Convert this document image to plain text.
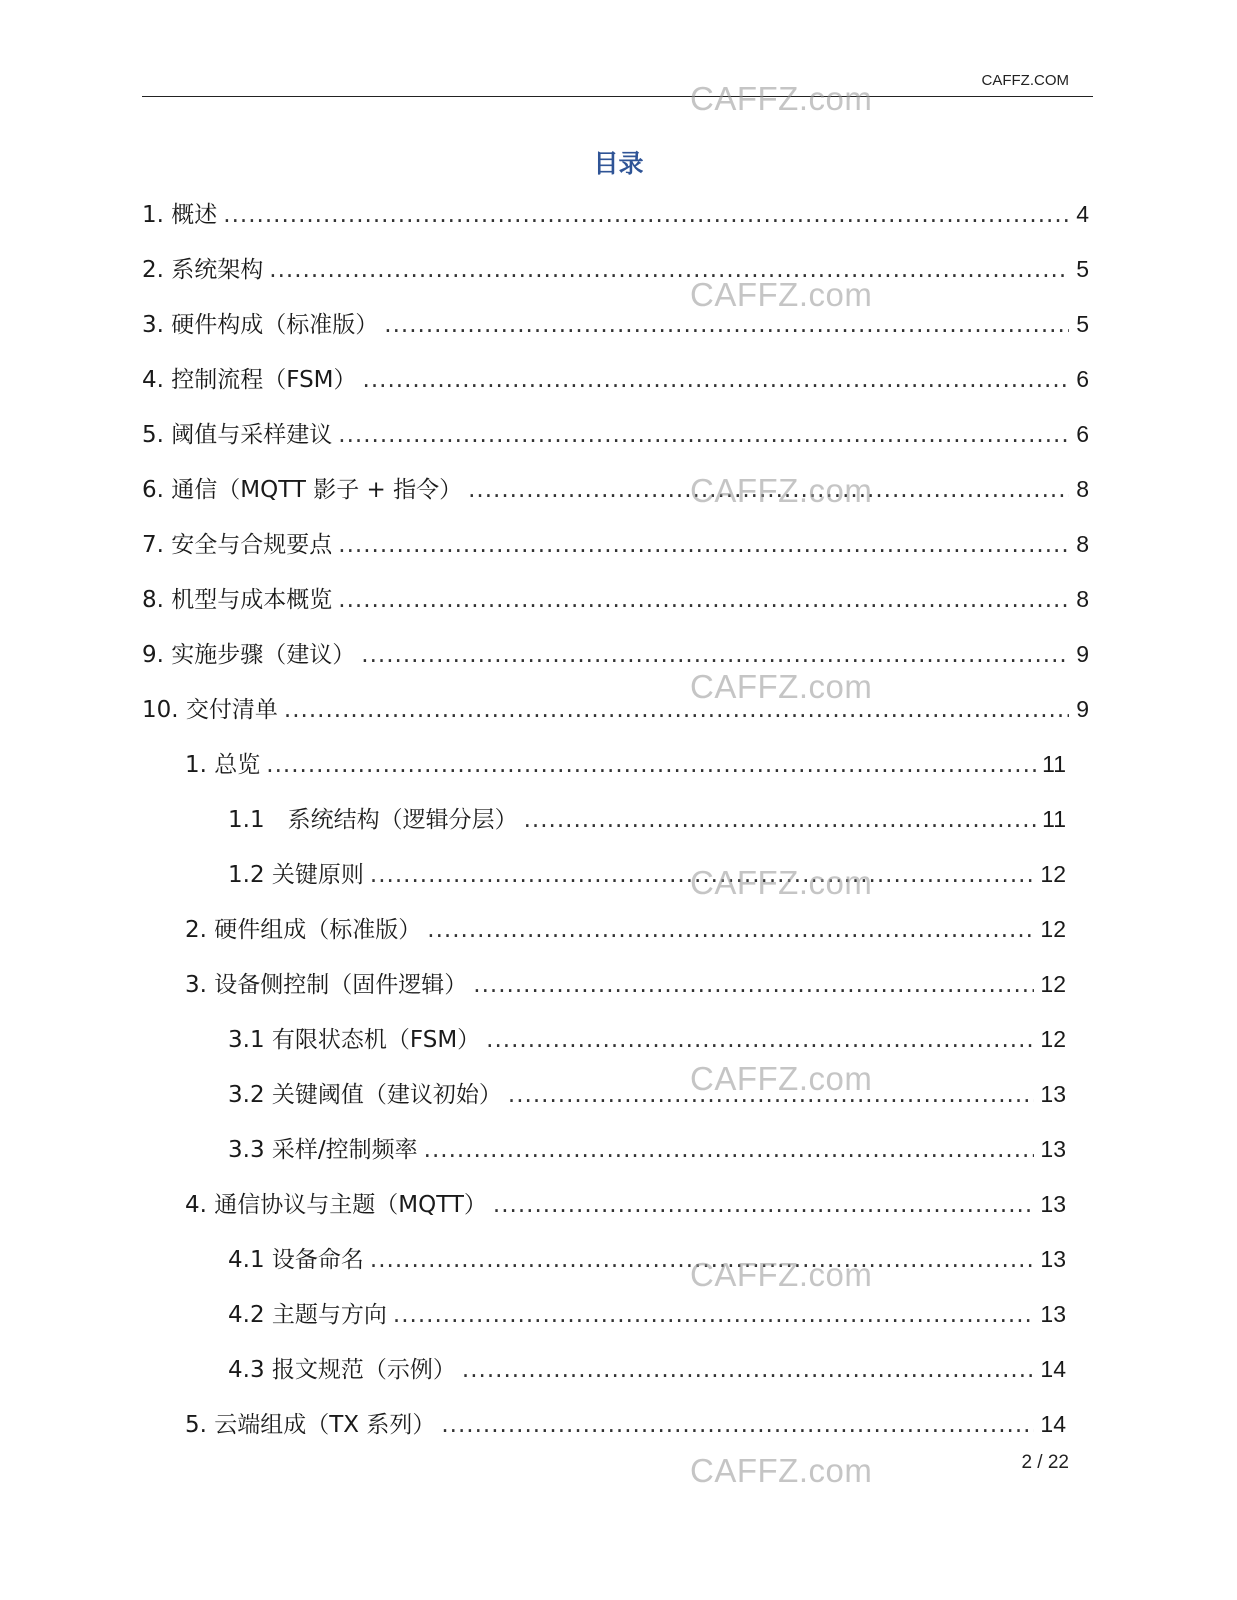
CAFFZ.COM
目录
1. 概述 .....	4
2. 系统架构 .....	5
3. 硬件构成（标准版） .....	5
4. 控制流程（FSM） .....	6
5. 阈值与采样建议 .....	6
6. 通信（MQTT 影子 + 指令） .....	8
7. 安全与合规要点 .....	8
8. 机型与成本概览 .....	8
9. 实施步骤（建议） .....	9
10. 交付清单 .....	9
1. 总览 .....	11
1.1　系统结构（逻辑分层） .....	11
1.2 关键原则 .....	12
2. 硬件组成（标准版） .....	12
3. 设备侧控制（固件逻辑） .....	12
3.1 有限状态机（FSM） .....	12
3.2 关键阈值（建议初始） .....	13
3.3 采样/控制频率 .....	13
4. 通信协议与主题（MQTT） .....	13
4.1 设备命名 .....	13
4.2 主题与方向 .....	13
4.3 报文规范（示例） .....	14
5. 云端组成（TX 系列） .....	14
2 / 22
CAFFZ.com
CAFFZ.com
CAFFZ.com
CAFFZ.com
CAFFZ.com
CAFFZ.com
CAFFZ.com
CAFFZ.com
